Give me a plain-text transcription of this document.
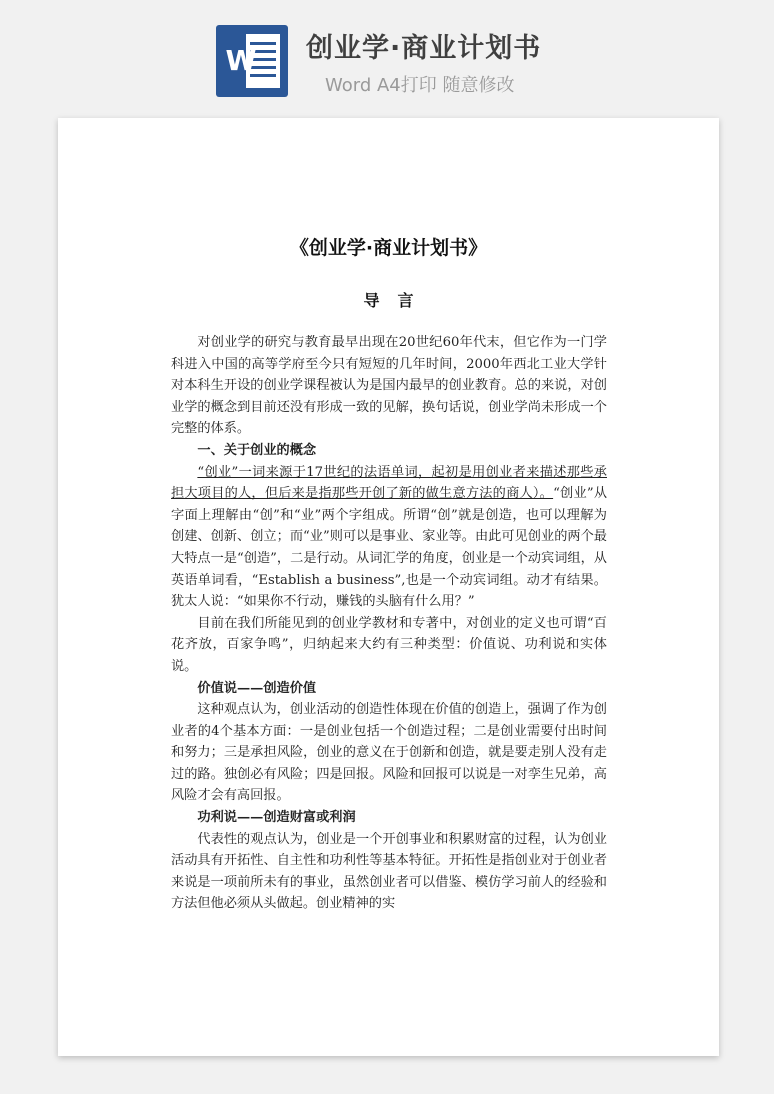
W 创业学·商业计划书
Word A4打印 随意修改
《创业学·商业计划书》
导言

对创业学的研究与教育最早出现在20世纪60年代末，但它作为一门学科进入中国的高等学府至今只有短短的几年时间，2000年西北工业大学针对本科生开设的创业学课程被认为是国内最早的创业教育。总的来说，对创业学的概念到目前还没有形成一致的见解，换句话说，创业学尚未形成一个完整的体系。

一、关于创业的概念

“创业”一词来源于17世纪的法语单词，起初是用创业者来描述那些承担大项目的人，但后来是指那些开创了新的做生意方法的商人）。“创业”从字面上理解由“创”和“业”两个字组成。所谓“创”就是创造，也可以理解为创建、创新、创立；而“业”则可以是事业、家业等。由此可见创业的两个最大特点一是“创造”，二是行动。从词汇学的角度，创业是一个动宾词组，从英语单词看，“Establish a business”,也是一个动宾词组。动才有结果。犹太人说：“如果你不行动，赚钱的头脑有什么用？”

目前在我们所能见到的创业学教材和专著中，对创业的定义也可谓“百花齐放，百家争鸣”，归纳起来大约有三种类型：价值说、功利说和实体说。

价值说——创造价值

这种观点认为，创业活动的创造性体现在价值的创造上，强调了作为创业者的4个基本方面：一是创业包括一个创造过程；二是创业需要付出时间和努力；三是承担风险，创业的意义在于创新和创造，就是要走别人没有走过的路。独创必有风险；四是回报。风险和回报可以说是一对孪生兄弟，高风险才会有高回报。

功利说——创造财富或利润

代表性的观点认为，创业是一个开创事业和积累财富的过程，认为创业活动具有开拓性、自主性和功利性等基本特征。开拓性是指创业对于创业者来说是一项前所未有的事业，虽然创业者可以借鉴、模仿学习前人的经验和方法但他必须从头做起。创业精神的实
